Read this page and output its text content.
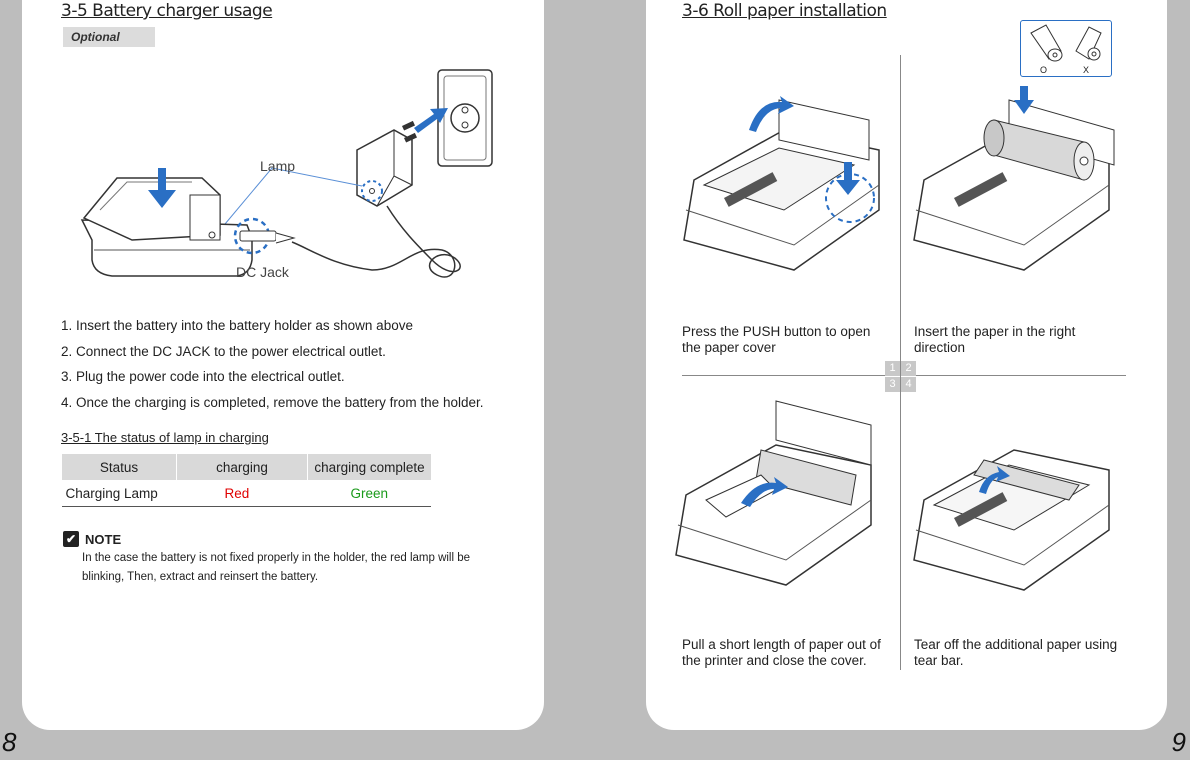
3-5 Battery charger usage
Optional
Lamp
DC Jack
1. Insert the battery into the battery holder as shown above
2. Connect the DC JACK to the power electrical outlet.
3. Plug the power code into the electrical outlet.
4. Once the charging is completed, remove the battery from the holder.
3-5-1 The status of lamp in charging
Status	charging	charging complete
Charging Lamp	Red	Green
✔ NOTE
In the case the battery is not fixed properly in the holder, the red lamp will be blinking, Then, extract and reinsert the battery.
8
3-6 Roll paper installation
O	X
1 2
3 4
Press the PUSH button to open the paper cover
Insert the paper in the right direction
Pull a short length of paper out of the printer and close the cover.
Tear off the additional paper using tear bar.
9
